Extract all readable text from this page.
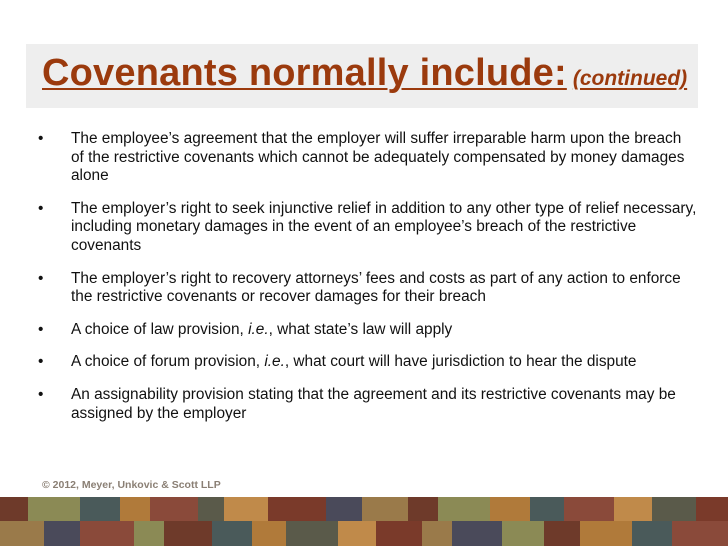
Covenants normally include: (continued)
• The employee’s agreement that the employer will suffer irreparable harm upon the breach of the restrictive covenants which cannot be adequately compensated by money damages alone
• The employer’s right to seek injunctive relief in addition to any other type of relief necessary, including monetary damages in the event of an employee’s breach of the restrictive covenants
• The employer’s right to recovery attorneys’ fees and costs as part of any action to enforce the restrictive covenants or recover damages for their breach
• A choice of law provision, i.e., what state’s law will apply
• A choice of forum provision, i.e., what court will have jurisdiction to hear the dispute
• An assignability provision stating that the agreement and its restrictive covenants may be assigned by the employer
© 2012, Meyer, Unkovic & Scott LLP
